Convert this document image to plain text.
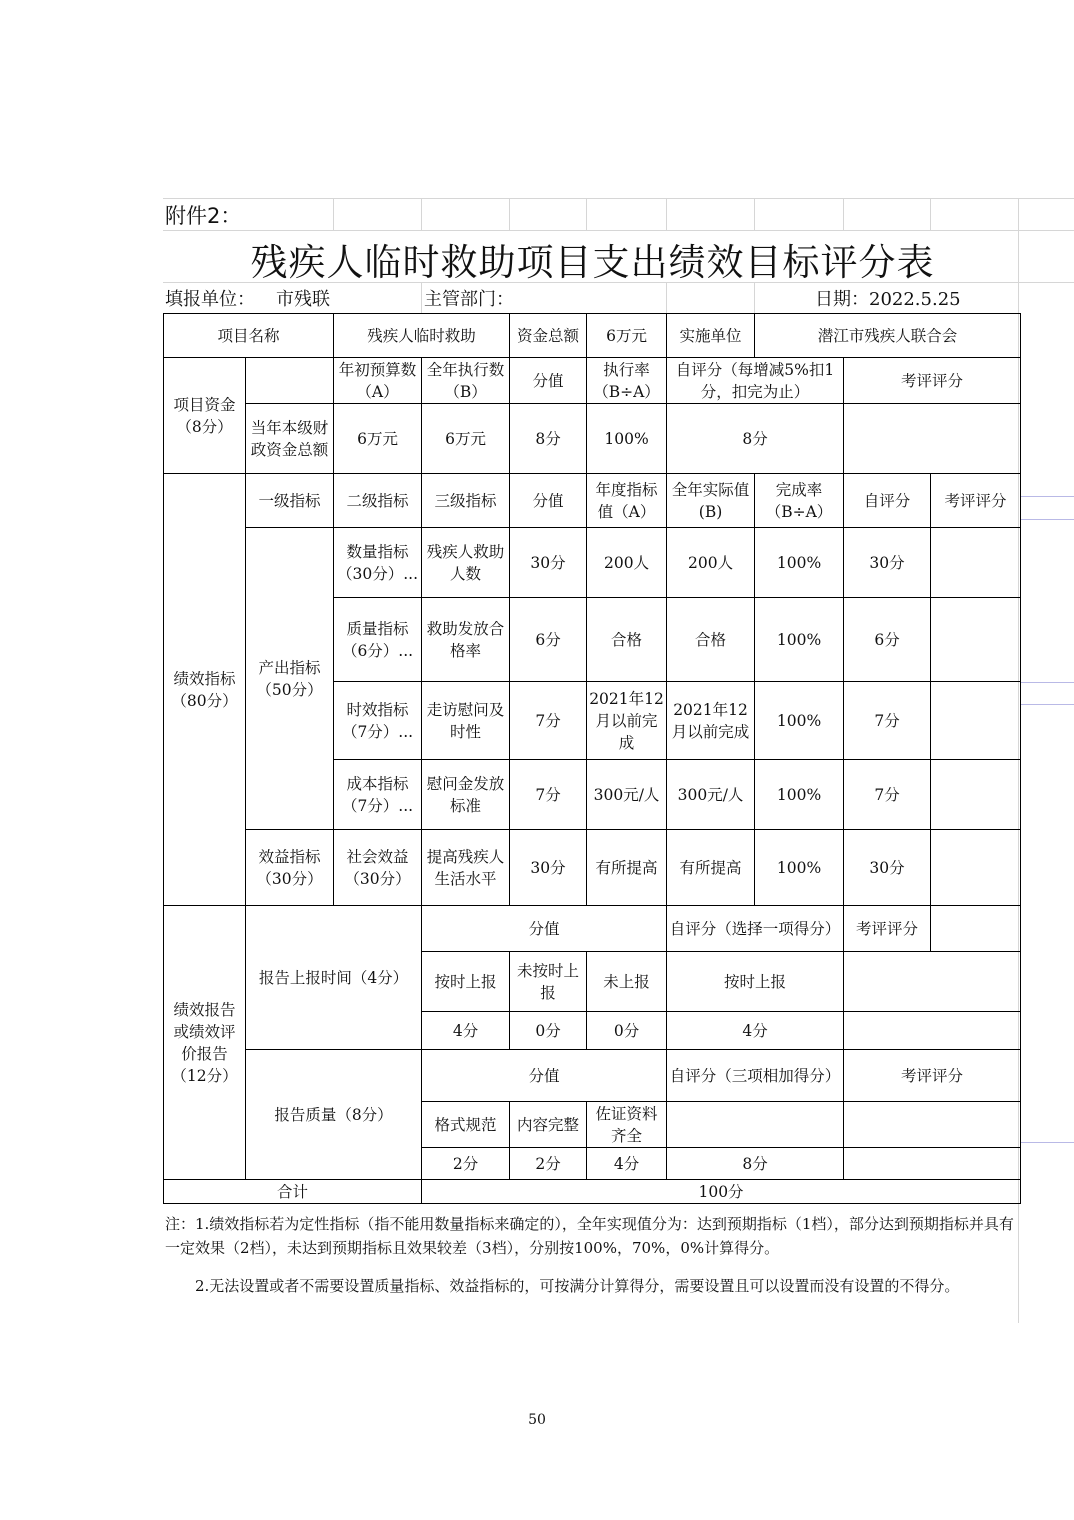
附件2：
残疾人临时救助项目支出绩效目标评分表
填报单位： 市残联	主管部门：	日期：2022.5.25
项目名称		残疾人临时救助		资金总额	6万元	实施单位	潜江市残疾人联合会		
项目资金（8分）		年初预算数（A）	全年执行数（B）	分值	执行率（B÷A）	自评分（每增减5%扣1分，扣完为止）		考评评分	
	当年本级财政资金总额	6万元	6万元	8分	100%	8分			
绩效指标（80分）	一级指标	二级指标	三级指标	分值	年度指标值（A）	全年实际值(B)	完成率（B÷A）	自评分	考评评分
	产出指标（50分）	数量指标（30分）...	残疾人救助人数	30分	200人	200人	100%	30分	
		质量指标（6分）...	救助发放合格率	6分	合格	合格	100%	6分	
		时效指标（7分）...	走访慰问及时性	7分	2021年12月以前完成	2021年12月以前完成	100%	7分	
		成本指标（7分）...	慰问金发放标准	7分	300元/人	300元/人	100%	7分	
	效益指标（30分）	社会效益（30分）	提高残疾人生活水平	30分	有所提高	有所提高	100%	30分	
绩效报告或绩效评价报告（12分）	报告上报时间（4分）		分值			自评分（选择一项得分）		考评评分	
			按时上报	未按时上报	未上报	按时上报			
			4分	0分	0分	4分			
	报告质量（8分）		分值			自评分（三项相加得分）		考评评分	
			格式规范	内容完整	佐证资料齐全				
			2分	2分	4分	8分			
合计			100分						
注：1.绩效指标若为定性指标（指不能用数量指标来确定的），全年实现值分为：达到预期指标（1档），部分达到预期指标并具有一定效果（2档），未达到预期指标且效果较差（3档），分别按100%，70%，0%计算得分。
2.无法设置或者不需要设置质量指标、效益指标的，可按满分计算得分，需要设置且可以设置而没有设置的不得分。
50
